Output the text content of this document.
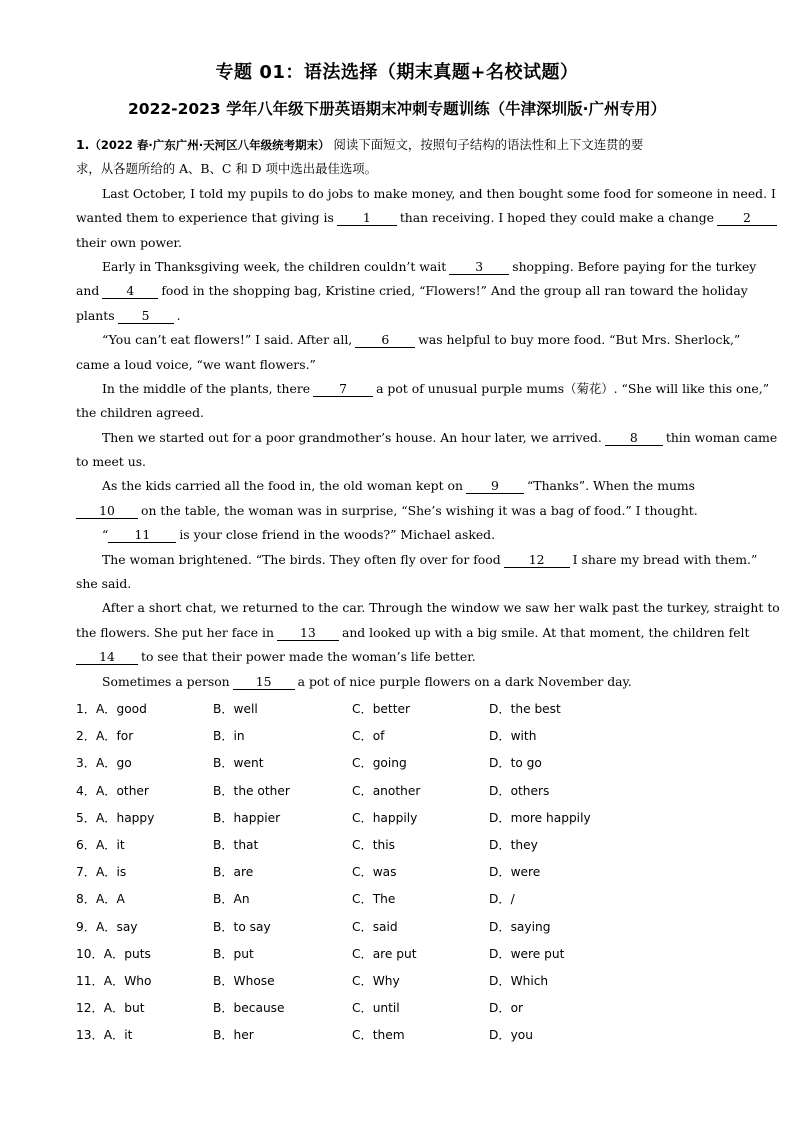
专题 01：语法选择（期末真题+名校试题）
2022-2023 学年八年级下册英语期末冲刺专题训练（牛津深圳版·广州专用）
1.（2022 春·广东广州·天河区八年级统考期末） 阅读下面短文，按照句子结构的语法性和上下文连贯的要
求，从各题所给的 A、B、C 和 D 项中选出最佳选项。
Last October, I told my pupils to do jobs to make money, and then bought some food for someone in need. I
wanted them to experience that giving is 1 than receiving. I hoped they could make a change 2
their own power.
Early in Thanksgiving week, the children couldn’t wait 3 shopping. Before paying for the turkey
and 4 food in the shopping bag, Kristine cried, “Flowers!” And the group all ran toward the holiday
plants 5 .
“You can’t eat flowers!” I said. After all, 6 was helpful to buy more food. “But Mrs. Sherlock,”
came a loud voice, “we want flowers.”
In the middle of the plants, there 7 a pot of unusual purple mums（菊花）. “She will like this one,”
the children agreed.
Then we started out for a poor grandmother’s house. An hour later, we arrived. 8 thin woman came
to meet us.
As the kids carried all the food in, the old woman kept on 9 “Thanks”. When the mums
10 on the table, the woman was in surprise, “She’s wishing it was a bag of food.” I thought.
“ 11 is your close friend in the woods?” Michael asked.
The woman brightened. “The birds. They often fly over for food 12 I share my bread with them.”
she said.
After a short chat, we returned to the car. Through the window we saw her walk past the turkey, straight to
the flowers. She put her face in 13 and looked up with a big smile. At that moment, the children felt
14 to see that their power made the woman’s life better.
Sometimes a person 15 a pot of nice purple flowers on a dark November day.
1．A．good	B．well	C．better	D．the best
2．A．for	B．in	C．of	D．with
3．A．go	B．went	C．going	D．to go
4．A．other	B．the other	C．another	D．others
5．A．happy	B．happier	C．happily	D．more happily
6．A．it	B．that	C．this	D．they
7．A．is	B．are	C．was	D．were
8．A．A	B．An	C．The	D．/
9．A．say	B．to say	C．said	D．saying
10．A．puts	B．put	C．are put	D．were put
11．A．Who	B．Whose	C．Why	D．Which
12．A．but	B．because	C．until	D．or
13．A．it	B．her	C．them	D．you
